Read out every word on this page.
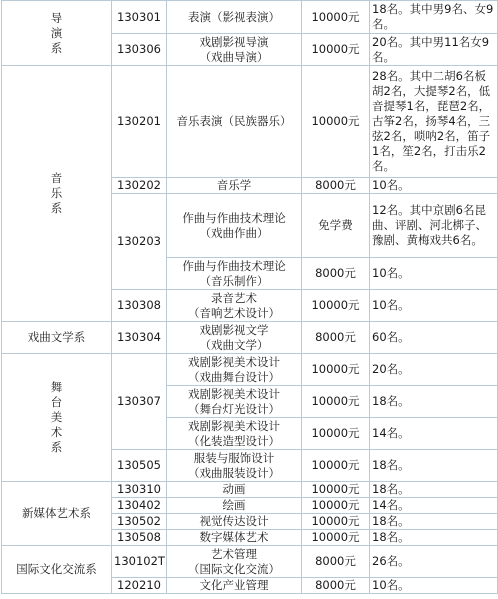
导演系	130301	表演（影视表演）	10000元	18名。其中男9名、女9名。
	130306	戏剧影视导演
（戏曲导演）	10000元	20名。其中男11名女9名。
音乐系	130201	音乐表演（民族器乐）	10000元	28名。其中二胡6名板胡2名，大提琴2名，低音提琴1名，琵琶2名，古筝2名，扬琴4名，三弦2名，唢呐2名，笛子1名，笙2名，打击乐2名。
	130202	音乐学	8000元	10名。
	130203	作曲与作曲技术理论
（戏曲作曲）	免学费	12名。其中京剧6名昆曲、评剧、河北梆子、豫剧、黄梅戏共6名。
		作曲与作曲技术理论
（音乐制作）	8000元	10名。
	130308	录音艺术
（音响艺术设计）	10000元	10名。
戏曲文学系	130304	戏剧影视文学
（戏曲文学）	8000元	60名。
舞台美术系	130307	戏剧影视美术设计
（戏曲舞台设计）	10000元	20名。
		戏剧影视美术设计
（舞台灯光设计）	10000元	18名。
		戏剧影视美术设计
（化装造型设计）	10000元	14名。
	130505	服装与服饰设计
（戏曲服装设计）	10000元	18名。
新媒体艺术系	130310	动画	10000元	18名。
	130402	绘画	10000元	14名。
	130502	视觉传达设计	10000元	18名。
	130508	数字媒体艺术	10000元	18名。
国际文化交流系	130102T	艺术管理
（国际文化交流）	8000元	26名。
	120210	文化产业管理	8000元	10名。
